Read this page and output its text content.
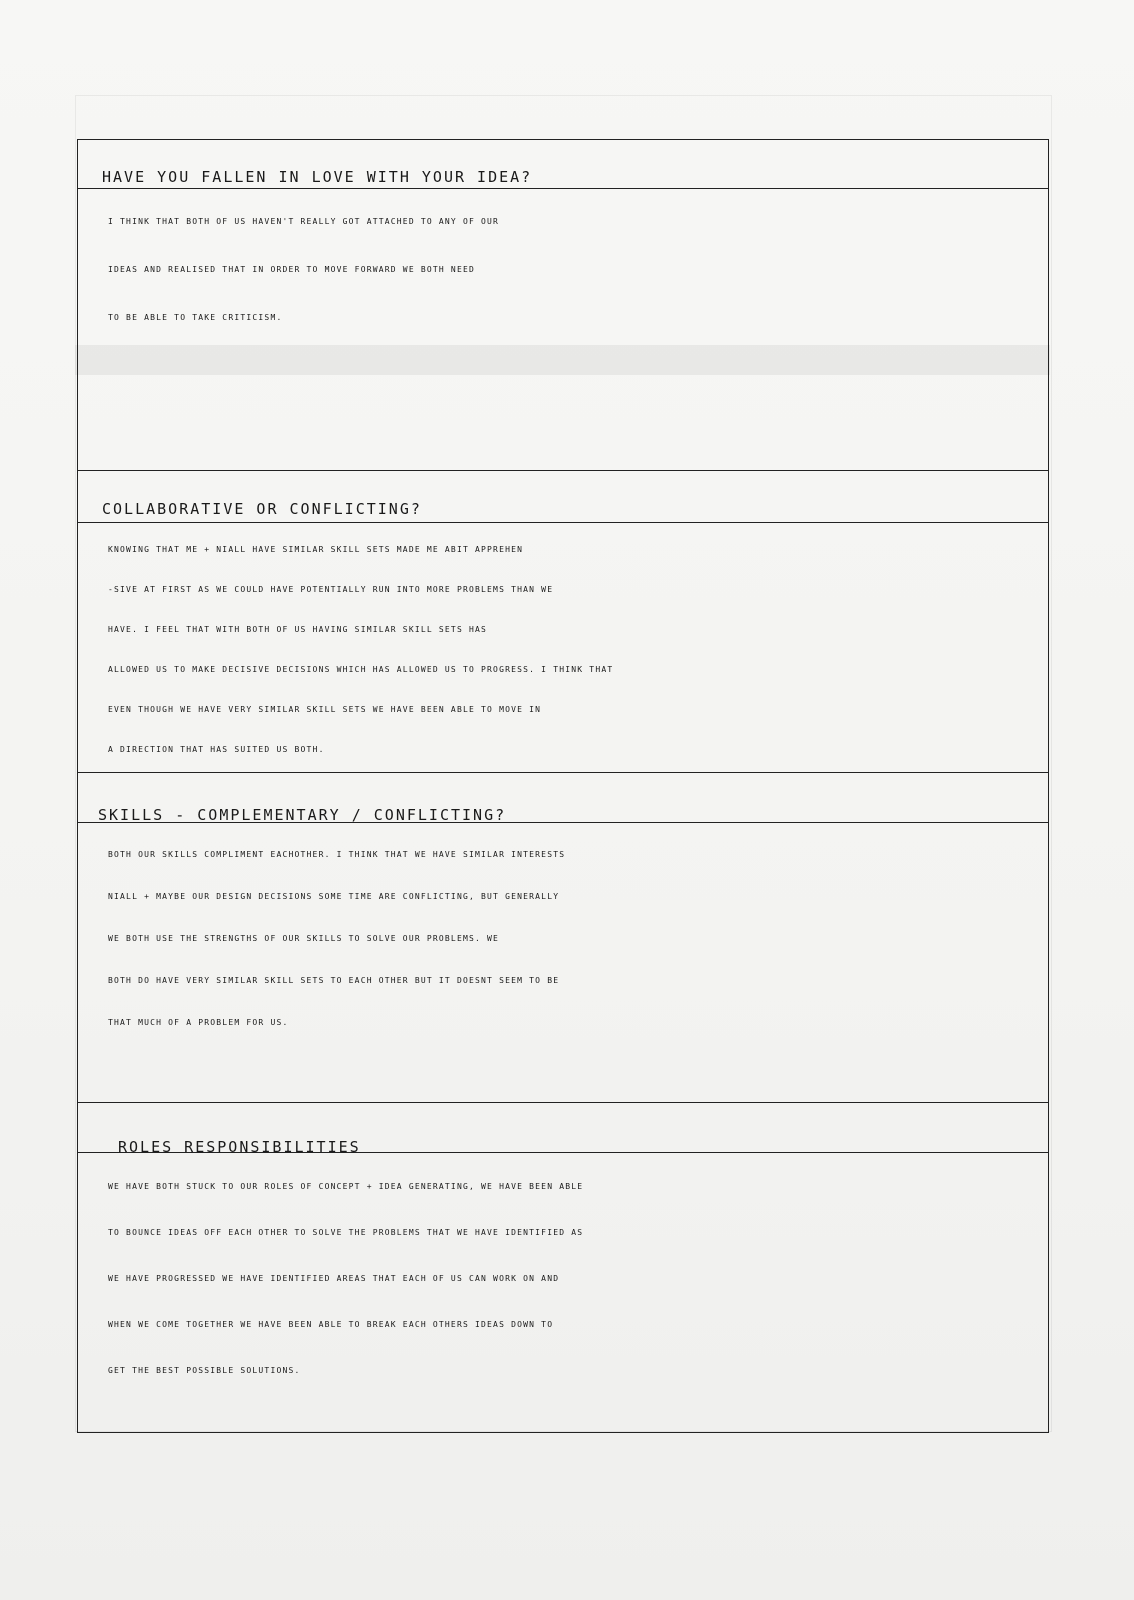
HAVE YOU FALLEN IN LOVE WITH YOUR IDEA?
I THINK THAT BOTH OF US HAVEN'T REALLY GOT ATTACHED TO ANY OF OUR
IDEAS AND REALISED THAT IN ORDER TO MOVE FORWARD WE BOTH NEED
TO BE ABLE TO TAKE CRITICISM.
COLLABORATIVE OR CONFLICTING?
KNOWING THAT ME + NIALL HAVE SIMILAR SKILL SETS MADE ME ABIT APPREHEN
-SIVE AT FIRST AS WE COULD HAVE POTENTIALLY RUN INTO MORE PROBLEMS THAN WE
HAVE. I FEEL THAT WITH BOTH OF US HAVING SIMILAR SKILL SETS HAS
ALLOWED US TO MAKE DECISIVE DECISIONS WHICH HAS ALLOWED US TO PROGRESS. I THINK THAT
EVEN THOUGH WE HAVE VERY SIMILAR SKILL SETS WE HAVE BEEN ABLE TO MOVE IN
A DIRECTION THAT HAS SUITED US BOTH.
SKILLS - COMPLEMENTARY / CONFLICTING?
BOTH OUR SKILLS COMPLIMENT EACHOTHER. I THINK THAT WE HAVE SIMILAR INTERESTS
NIALL + MAYBE OUR DESIGN DECISIONS SOME TIME ARE CONFLICTING, BUT GENERALLY
WE BOTH USE THE STRENGTHS OF OUR SKILLS TO SOLVE OUR PROBLEMS. WE
BOTH DO HAVE VERY SIMILAR SKILL SETS TO EACH OTHER BUT IT DOESNT SEEM TO BE
THAT MUCH OF A PROBLEM FOR US.
ROLES RESPONSIBILITIES
WE HAVE BOTH STUCK TO OUR ROLES OF CONCEPT + IDEA GENERATING, WE HAVE BEEN ABLE
TO BOUNCE IDEAS OFF EACH OTHER TO SOLVE THE PROBLEMS THAT WE HAVE IDENTIFIED AS
WE HAVE PROGRESSED WE HAVE IDENTIFIED AREAS THAT EACH OF US CAN WORK ON AND
WHEN WE COME TOGETHER WE HAVE BEEN ABLE TO BREAK EACH OTHERS IDEAS DOWN TO
GET THE BEST POSSIBLE SOLUTIONS.
